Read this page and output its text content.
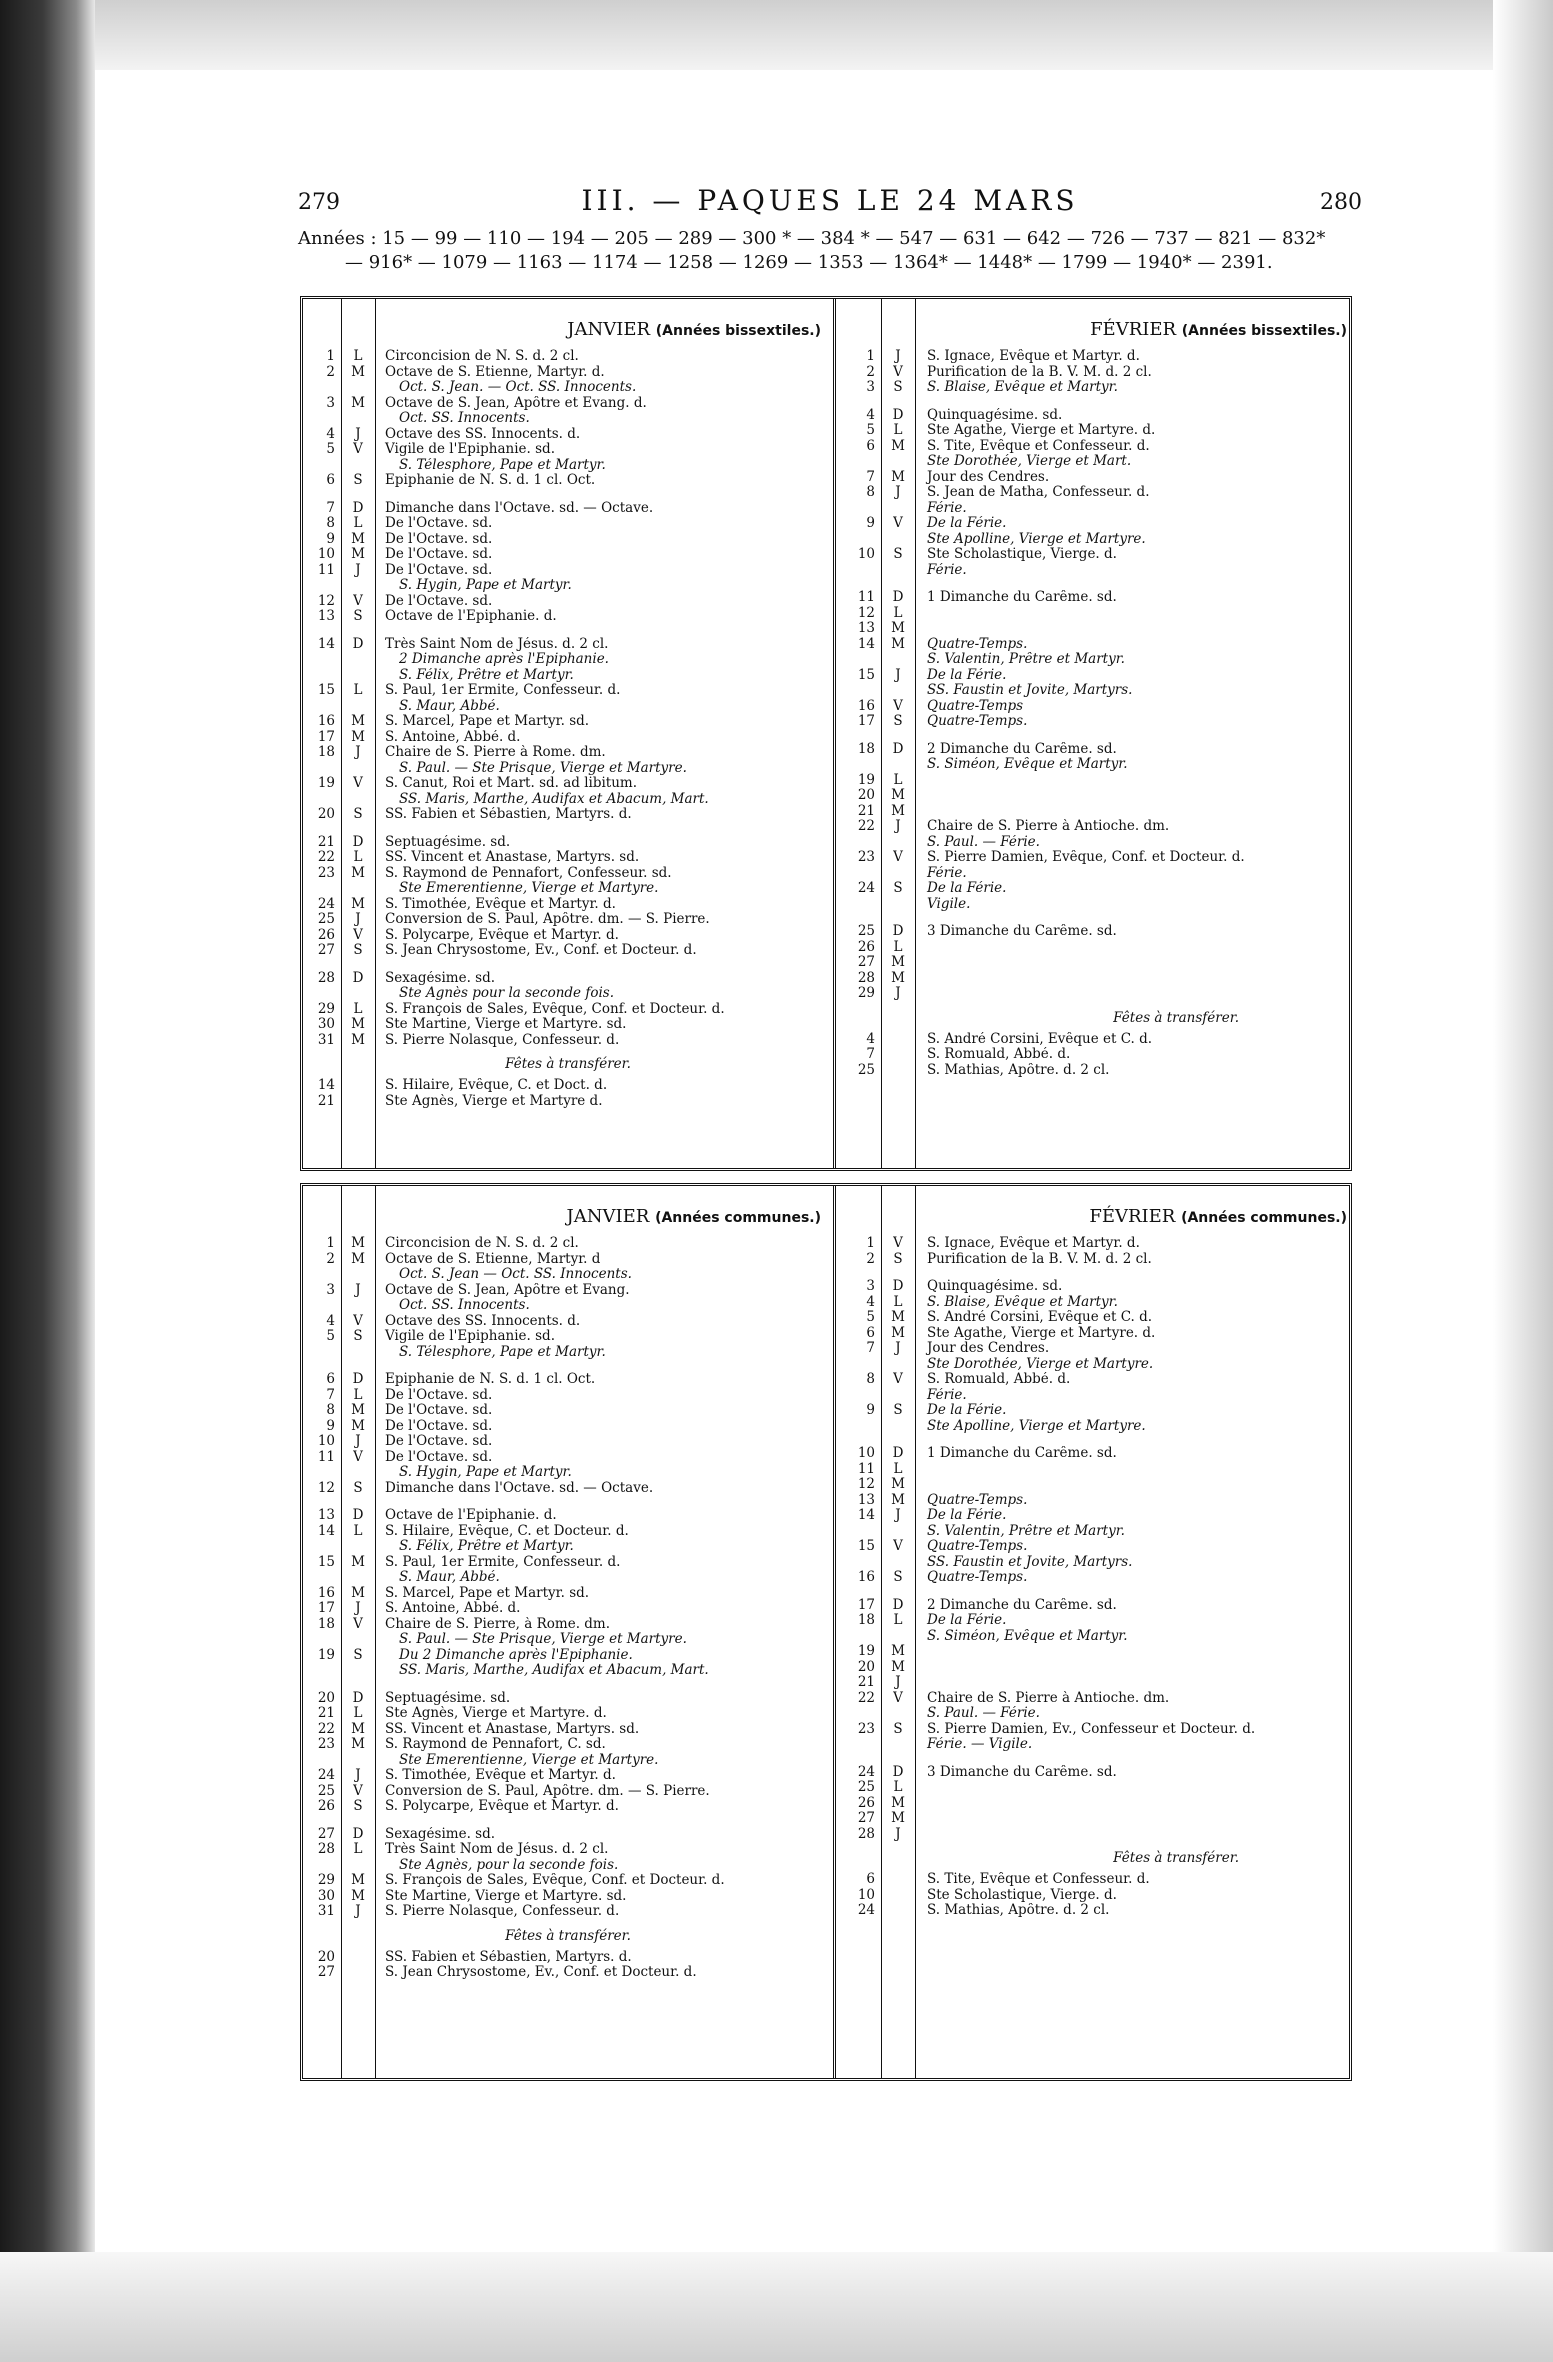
279	III. — PAQUES LE 24 MARS	280
Années : 15 — 99 — 110 — 194 — 205 — 289 — 300 * — 384 * — 547 — 631 — 642 — 726 — 737 — 821 — 832*
— 916* — 1079 — 1163 — 1174 — 1258 — 1269 — 1353 — 1364* — 1448* — 1799 — 1940* — 2391.
JANVIER (Années bissextiles.)
1	L	Circoncision de N. S. d. 2 cl.
2	M	Octave de S. Étienne, Martyr. d.
Oct. S. Jean. — Oct. SS. Innocents.
3	M	Octave de S. Jean, Apôtre et Évang. d.
Oct. SS. Innocents.
4	J	Octave des SS. Innocents. d.
5	V	Vigile de l'Épiphanie. sd.
S. Télesphore, Pape et Martyr.
6	S	Épiphanie de N. S. d. 1 cl. Oct.
7	D	Dimanche dans l'Octave. sd. — Octave.
8	L	De l'Octave. sd.
9	M	De l'Octave. sd.
10	M	De l'Octave. sd.
11	J	De l'Octave. sd.
S. Hygin, Pape et Martyr.
12	V	De l'Octave. sd.
13	S	Octave de l'Épiphanie. d.
14	D	Très Saint Nom de Jésus. d. 2 cl.
2 Dimanche après l'Épiphanie.
S. Félix, Prêtre et Martyr.
15	L	S. Paul, 1er Ermite, Confesseur. d.
S. Maur, Abbé.
16	M	S. Marcel, Pape et Martyr. sd.
17	M	S. Antoine, Abbé. d.
18	J	Chaire de S. Pierre à Rome. dm.
S. Paul. — Ste Prisque, Vierge et Martyre.
19	V	S. Canut, Roi et Mart. sd. ad libitum.
SS. Maris, Marthe, Audifax et Abacum, Mart.
20	S	SS. Fabien et Sébastien, Martyrs. d.
21	D	Septuagésime. sd.
22	L	SS. Vincent et Anastase, Martyrs. sd.
23	M	S. Raymond de Pennafort, Confesseur. sd.
Ste Émerentienne, Vierge et Martyre.
24	M	S. Timothée, Évêque et Martyr. d.
25	J	Conversion de S. Paul, Apôtre. dm. — S. Pierre.
26	V	S. Polycarpe, Évêque et Martyr. d.
27	S	S. Jean Chrysostome, Év., Conf. et Docteur. d.
28	D	Sexagésime. sd.
Ste Agnès pour la seconde fois.
29	L	S. François de Sales, Évêque, Conf. et Docteur. d.
30	M	Ste Martine, Vierge et Martyre. sd.
31	M	S. Pierre Nolasque, Confesseur. d.
Fêtes à transférer.
14	S. Hilaire, Évêque, C. et Doct. d.
21	Ste Agnès, Vierge et Martyre d.
FÉVRIER (Années bissextiles.)
1	J	S. Ignace, Évêque et Martyr. d.
2	V	Purification de la B. V. M. d. 2 cl.
3	S	S. Blaise, Évêque et Martyr.
4	D	Quinquagésime. sd.
5	L	Ste Agathe, Vierge et Martyre. d.
6	M	S. Tite, Évêque et Confesseur. d.
Ste Dorothée, Vierge et Mart.
7	M	Jour des Cendres.
8	J	S. Jean de Matha, Confesseur. d.
Férie.
9	V	De la Férie.
Ste Apolline, Vierge et Martyre.
10	S	Ste Scholastique, Vierge. d.
Férie.
11	D	1 Dimanche du Carême. sd.
12	L
13	M
14	M	Quatre-Temps.
S. Valentin, Prêtre et Martyr.
15	J	De la Férie.
SS. Faustin et Jovite, Martyrs.
16	V	Quatre-Temps
17	S	Quatre-Temps.
18	D	2 Dimanche du Carême. sd.
S. Siméon, Évêque et Martyr.
19	L
20	M
21	M
22	J	Chaire de S. Pierre à Antioche. dm.
S. Paul. — Férie.
23	V	S. Pierre Damien, Évêque, Conf. et Docteur. d.
Férie.
24	S	De la Férie.
Vigile.
25	D	3 Dimanche du Carême. sd.
26	L
27	M
28	M
29	J
Fêtes à transférer.
4	S. André Corsini, Évêque et C. d.
7	S. Romuald, Abbé. d.
25	S. Mathias, Apôtre. d. 2 cl.
JANVIER (Années communes.)
1	M	Circoncision de N. S. d. 2 cl.
2	M	Octave de S. Étienne, Martyr. d
Oct. S. Jean — Oct. SS. Innocents.
3	J	Octave de S. Jean, Apôtre et Évang.
Oct. SS. Innocents.
4	V	Octave des SS. Innocents. d.
5	S	Vigile de l'Épiphanie. sd.
S. Télesphore, Pape et Martyr.
6	D	Épiphanie de N. S. d. 1 cl. Oct.
7	L	De l'Octave. sd.
8	M	De l'Octave. sd.
9	M	De l'Octave. sd.
10	J	De l'Octave. sd.
11	V	De l'Octave. sd.
S. Hygin, Pape et Martyr.
12	S	Dimanche dans l'Octave. sd. — Octave.
13	D	Octave de l'Épiphanie. d.
14	L	S. Hilaire, Évêque, C. et Docteur. d.
S. Félix, Prêtre et Martyr.
15	M	S. Paul, 1er Ermite, Confesseur. d.
S. Maur, Abbé.
16	M	S. Marcel, Pape et Martyr. sd.
17	J	S. Antoine, Abbé. d.
18	V	Chaire de S. Pierre, à Rome. dm.
S. Paul. — Ste Prisque, Vierge et Martyre.
19	S	Du 2 Dimanche après l'Épiphanie.
SS. Maris, Marthe, Audifax et Abacum, Mart.
20	D	Septuagésime. sd.
21	L	Ste Agnès, Vierge et Martyre. d.
22	M	SS. Vincent et Anastase, Martyrs. sd.
23	M	S. Raymond de Pennafort, C. sd.
Ste Émerentienne, Vierge et Martyre.
24	J	S. Timothée, Évêque et Martyr. d.
25	V	Conversion de S. Paul, Apôtre. dm. — S. Pierre.
26	S	S. Polycarpe, Évêque et Martyr. d.
27	D	Sexagésime. sd.
28	L	Très Saint Nom de Jésus. d. 2 cl.
Ste Agnès, pour la seconde fois.
29	M	S. François de Sales, Évêque, Conf. et Docteur. d.
30	M	Ste Martine, Vierge et Martyre. sd.
31	J	S. Pierre Nolasque, Confesseur. d.
Fêtes à transférer.
20	SS. Fabien et Sébastien, Martyrs. d.
27	S. Jean Chrysostome, Év., Conf. et Docteur. d.
FÉVRIER (Années communes.)
1	V	S. Ignace, Évêque et Martyr. d.
2	S	Purification de la B. V. M. d. 2 cl.
3	D	Quinquagésime. sd.
4	L	S. Blaise, Évêque et Martyr.
5	M	S. André Corsini, Évêque et C. d.
6	M	Ste Agathe, Vierge et Martyre. d.
7	J	Jour des Cendres.
Ste Dorothée, Vierge et Martyre.
8	V	S. Romuald, Abbé. d.
Férie.
9	S	De la Férie.
Ste Apolline, Vierge et Martyre.
10	D	1 Dimanche du Carême. sd.
11	L
12	M
13	M	Quatre-Temps.
14	J	De la Férie.
S. Valentin, Prêtre et Martyr.
15	V	Quatre-Temps.
SS. Faustin et Jovite, Martyrs.
16	S	Quatre-Temps.
17	D	2 Dimanche du Carême. sd.
18	L	De la Férie.
S. Siméon, Évêque et Martyr.
19	M
20	M
21	J
22	V	Chaire de S. Pierre à Antioche. dm.
S. Paul. — Férie.
23	S	S. Pierre Damien, Év., Confesseur et Docteur. d.
Férie. — Vigile.
24	D	3 Dimanche du Carême. sd.
25	L
26	M
27	M
28	J
Fêtes à transférer.
6	S. Tite, Évêque et Confesseur. d.
10	Ste Scholastique, Vierge. d.
24	S. Mathias, Apôtre. d. 2 cl.
